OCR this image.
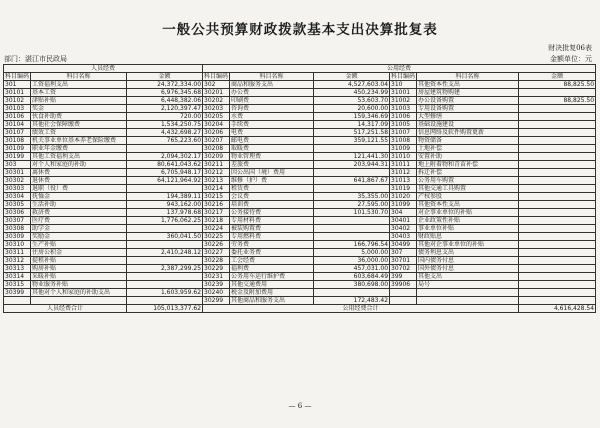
一般公共预算财政拨款基本支出决算批复表
财决批复06表
部门：湛江市民政局	金额单位：元
人员经费			公用经费					
科目编码	科目名称	金额	科目编码	科目名称	金额	科目编码	科目名称	金额
301	工资福利支出	24,372,334.00	302	商品和服务支出	4,527,603.04	310	其他资本性支出	88,825.50
30101	基本工资	6,976,345.68	30201	办公费	450,234.99	31001	房屋建筑物购建	
30102	津贴补贴	6,448,382.06	30202	印刷费	53,603.70	31002	办公设备购置	88,825.50
30103	奖金	2,120,397.47	30203	咨询费	20,600.00	31003	专用设备购置	
30106	伙食补助费	720.00	30205	水费	159,346.69	31006	大型修缮	
30104	其他社会保障缴费	1,534,250.75	30204	手续费	14,317.09	31005	基础设施建设	
30107	绩效工资	4,432,698.27	30206	电费	517,251.58	31007	信息网络及软件购置更新	
30108	机关事业单位基本养老保险缴费	765,223.60	30207	邮电费	359,121.55	31008	物资储备	
30109	职业年金缴费		30208	取暖费		31009	土地补偿	
30199	其他工资福利支出	2,094,302.17	30209	物业管理费	121,441.30	31010	安置补助	
303	对个人和家庭的补助	80,641,043.62	30211	差旅费	203,944.31	31011	地上附着物和青苗补偿	
30301	离休费	6,705,948.17	30212	因公出国（境）费用		31012	拆迁补偿	
30302	退休费	64,121,964.92	30213	维修（护）费	641,867.67	31013	公务用车购置	
30303	退职（役）费		30214	租赁费		31019	其他交通工具购置	
30304	抚恤金	194,389.11	30215	会议费	35,355.00	31020	产权参股	
30305	生活补助	943,162.00	30216	培训费	27,595.00	31099	其他资本性支出	
30306	救济费	137,978.68	30217	公务接待费	101,530.70	304	对企事业单位的补贴	
30307	医疗费	1,776,062.25	30218	专用材料费		30401	企业政策性补贴	
30308	助学金		30224	被装购置费		30402	事业单位补贴	
30309	奖励金	360,041.50	30225	专用燃料费		30403	财政贴息	
30310	生产补贴		30226	劳务费	166,796.54	30499	其他对企事业单位的补贴	
30311	住房公积金	2,410,248.12	30227	委托业务费	5,000.00	307	债务利息支出	
30312	提租补贴		30228	工会经费	36,000.00	30701	国内债务付息	
30313	购房补贴	2,387,299.25	30229	福利费	457,031.00	30702	国外债务付息	
30314	采暖补贴		30231	公务用车运行维护费	603,684.49	399	其他支出	
30315	物业服务补贴		30239	其他交通费用	380,698.00	39906	局号	
30399	其他对个人和家庭的补助支出	1,603,959.62	30240	税金及附加费用				
			30299	其他商品和服务支出	172,483.42			
人员经费合计		105,013,377.62	公用经费合计					4,616,428.54
— 6 —
